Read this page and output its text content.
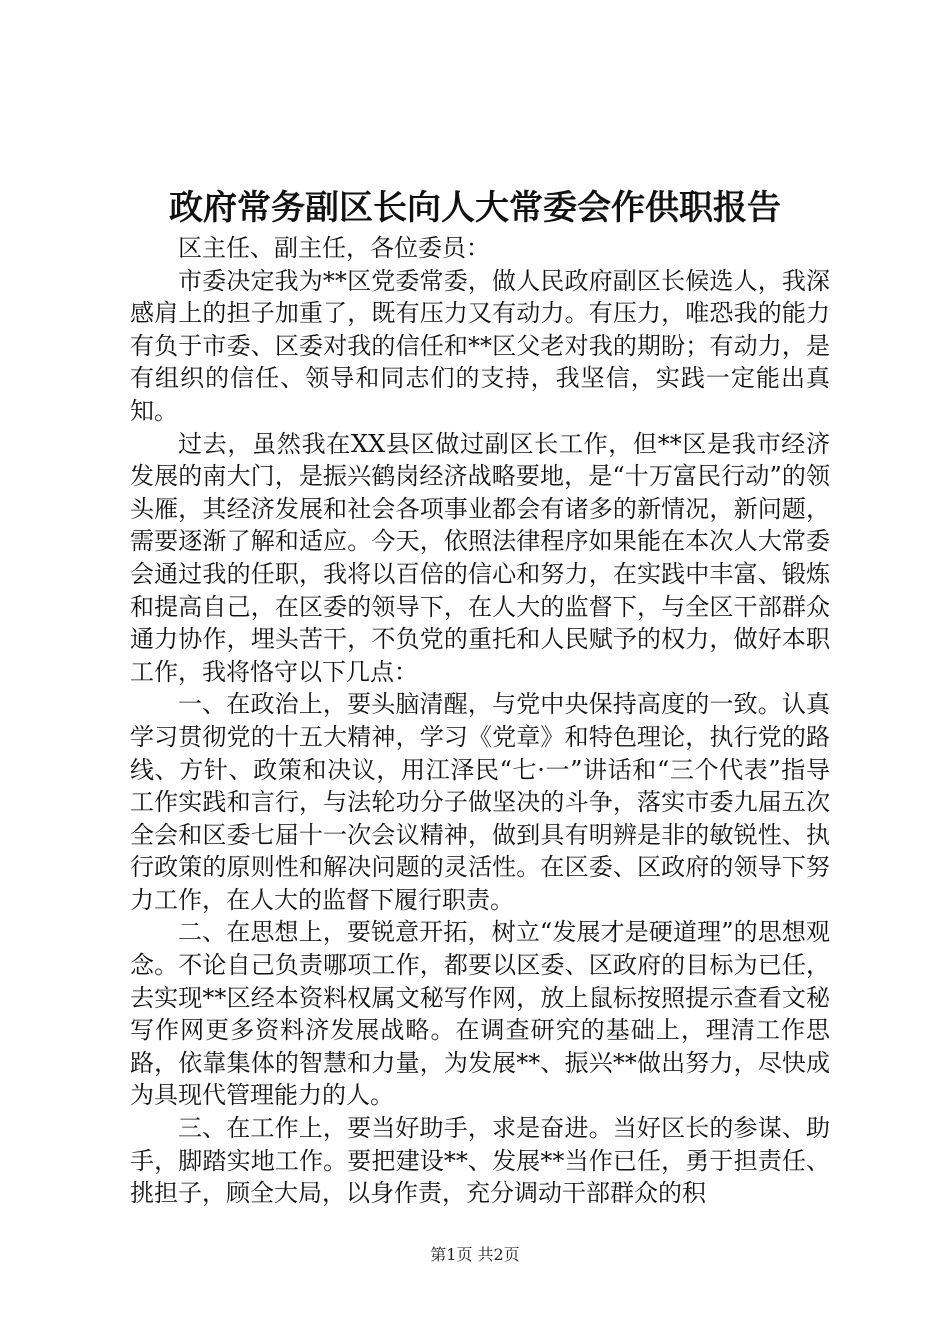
政府常务副区长向人大常委会作供职报告

区主任、副主任，各位委员：

市委决定我为**区党委常委，做人民政府副区长候选人，我深感肩上的担子加重了，既有压力又有动力。有压力，唯恐我的能力有负于市委、区委对我的信任和**区父老对我的期盼；有动力，是有组织的信任、领导和同志们的支持，我坚信，实践一定能出真知。

过去，虽然我在XX县区做过副区长工作，但**区是我市经济发展的南大门，是振兴鹤岗经济战略要地，是“十万富民行动”的领头雁，其经济发展和社会各项事业都会有诸多的新情况，新问题，需要逐渐了解和适应。今天，依照法律程序如果能在本次人大常委会通过我的任职，我将以百倍的信心和努力，在实践中丰富、锻炼和提高自己，在区委的领导下，在人大的监督下，与全区干部群众通力协作，埋头苦干，不负党的重托和人民赋予的权力，做好本职工作，我将恪守以下几点：

一、在政治上，要头脑清醒，与党中央保持高度的一致。认真学习贯彻党的十五大精神，学习《党章》和特色理论，执行党的路线、方针、政策和决议，用江泽民“七·一”讲话和“三个代表”指导工作实践和言行，与法轮功分子做坚决的斗争，落实市委九届五次全会和区委七届十一次会议精神，做到具有明辨是非的敏锐性、执行政策的原则性和解决问题的灵活性。在区委、区政府的领导下努力工作，在人大的监督下履行职责。

二、在思想上，要锐意开拓，树立“发展才是硬道理”的思想观念。不论自己负责哪项工作，都要以区委、区政府的目标为已任，去实现**区经本资料权属文秘写作网，放上鼠标按照提示查看文秘写作网更多资料济发展战略。在调查研究的基础上，理清工作思路，依靠集体的智慧和力量，为发展**、振兴**做出努力，尽快成为具现代管理能力的人。

三、在工作上，要当好助手，求是奋进。当好区长的参谋、助手，脚踏实地工作。要把建设**、发展**当作已任，勇于担责任、挑担子，顾全大局，以身作责，充分调动干部群众的积

第1页 共2页
